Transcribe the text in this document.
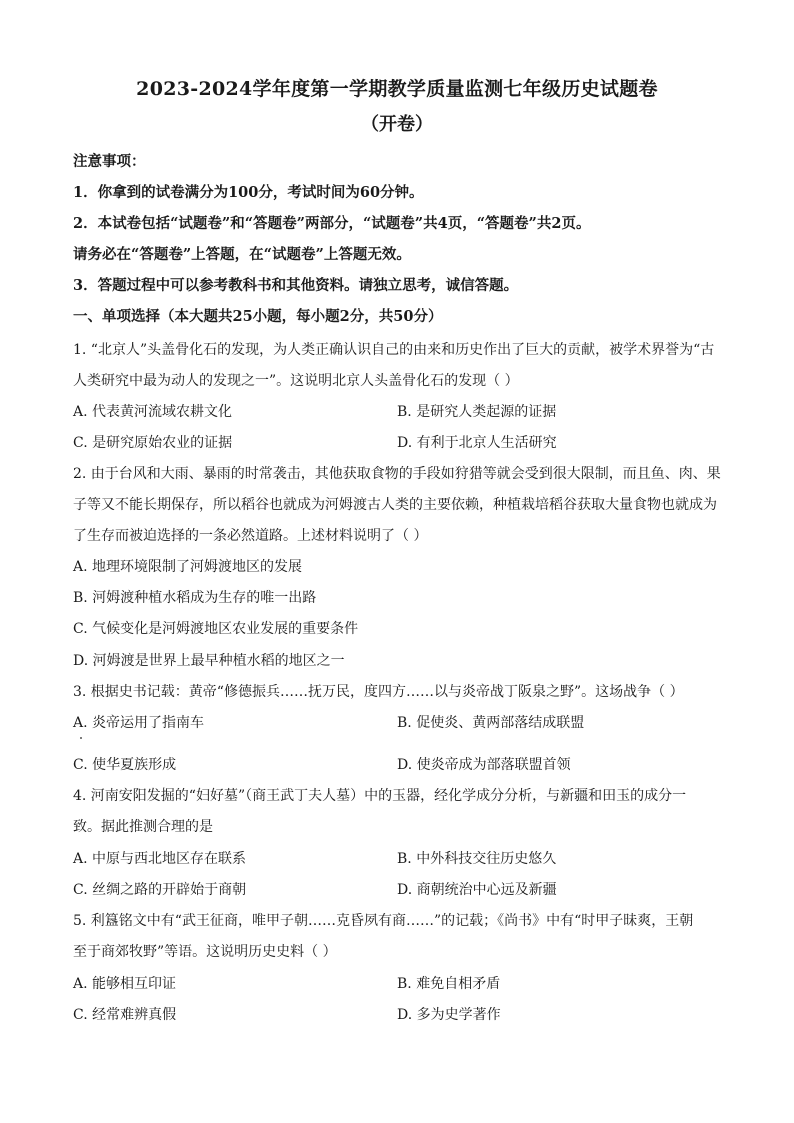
2023-2024学年度第一学期教学质量监测七年级历史试题卷
（开卷）
注意事项：
1．你拿到的试卷满分为100分，考试时间为60分钟。
2．本试卷包括“试题卷”和“答题卷”两部分，“试题卷”共4页，“答题卷”共2页。
请务必在“答题卷”上答题，在“试题卷”上答题无效。
3．答题过程中可以参考教科书和其他资料。请独立思考，诚信答题。
一、单项选择（本大题共25小题，每小题2分，共50分）
1. “北京人”头盖骨化石的发现，为人类正确认识自己的由来和历史作出了巨大的贡献，被学术界誉为“古
人类研究中最为动人的发现之一”。这说明北京人头盖骨化石的发现（ ）
A. 代表黄河流域农耕文化	B. 是研究人类起源的证据
C. 是研究原始农业的证据	D. 有利于北京人生活研究
2. 由于台风和大雨、暴雨的时常袭击，其他获取食物的手段如狩猎等就会受到很大限制，而且鱼、肉、果
子等又不能长期保存，所以稻谷也就成为河姆渡古人类的主要依赖，种植栽培稻谷获取大量食物也就成为
了生存而被迫选择的一条必然道路。上述材料说明了（ ）
A. 地理环境限制了河姆渡地区的发展
B. 河姆渡种植水稻成为生存的唯一出路
C. 气候变化是河姆渡地区农业发展的重要条件
D. 河姆渡是世界上最早种植水稻的地区之一
3. 根据史书记载：黄帝“修德振兵……抚万民，度四方……以与炎帝战丁阪泉之野”。这场战争（ ）
A. 炎帝运用了指南车	B. 促使炎、黄两部落结成联盟
C. 使华夏族形成	D. 使炎帝成为部落联盟首领
4. 河南安阳发掘的“妇好墓”（商王武丁夫人墓）中的玉器，经化学成分分析，与新疆和田玉的成分一
致。据此推测合理的是
A. 中原与西北地区存在联系	B. 中外科技交往历史悠久
C. 丝绸之路的开辟始于商朝	D. 商朝统治中心远及新疆
5. 利簋铭文中有“武王征商，唯甲子朝……克昏夙有商……”的记载；《尚书》中有“时甲子昧爽，王朝
至于商郊牧野”等语。这说明历史史料（ ）
A. 能够相互印证	B. 难免自相矛盾
C. 经常难辨真假	D. 多为史学著作
